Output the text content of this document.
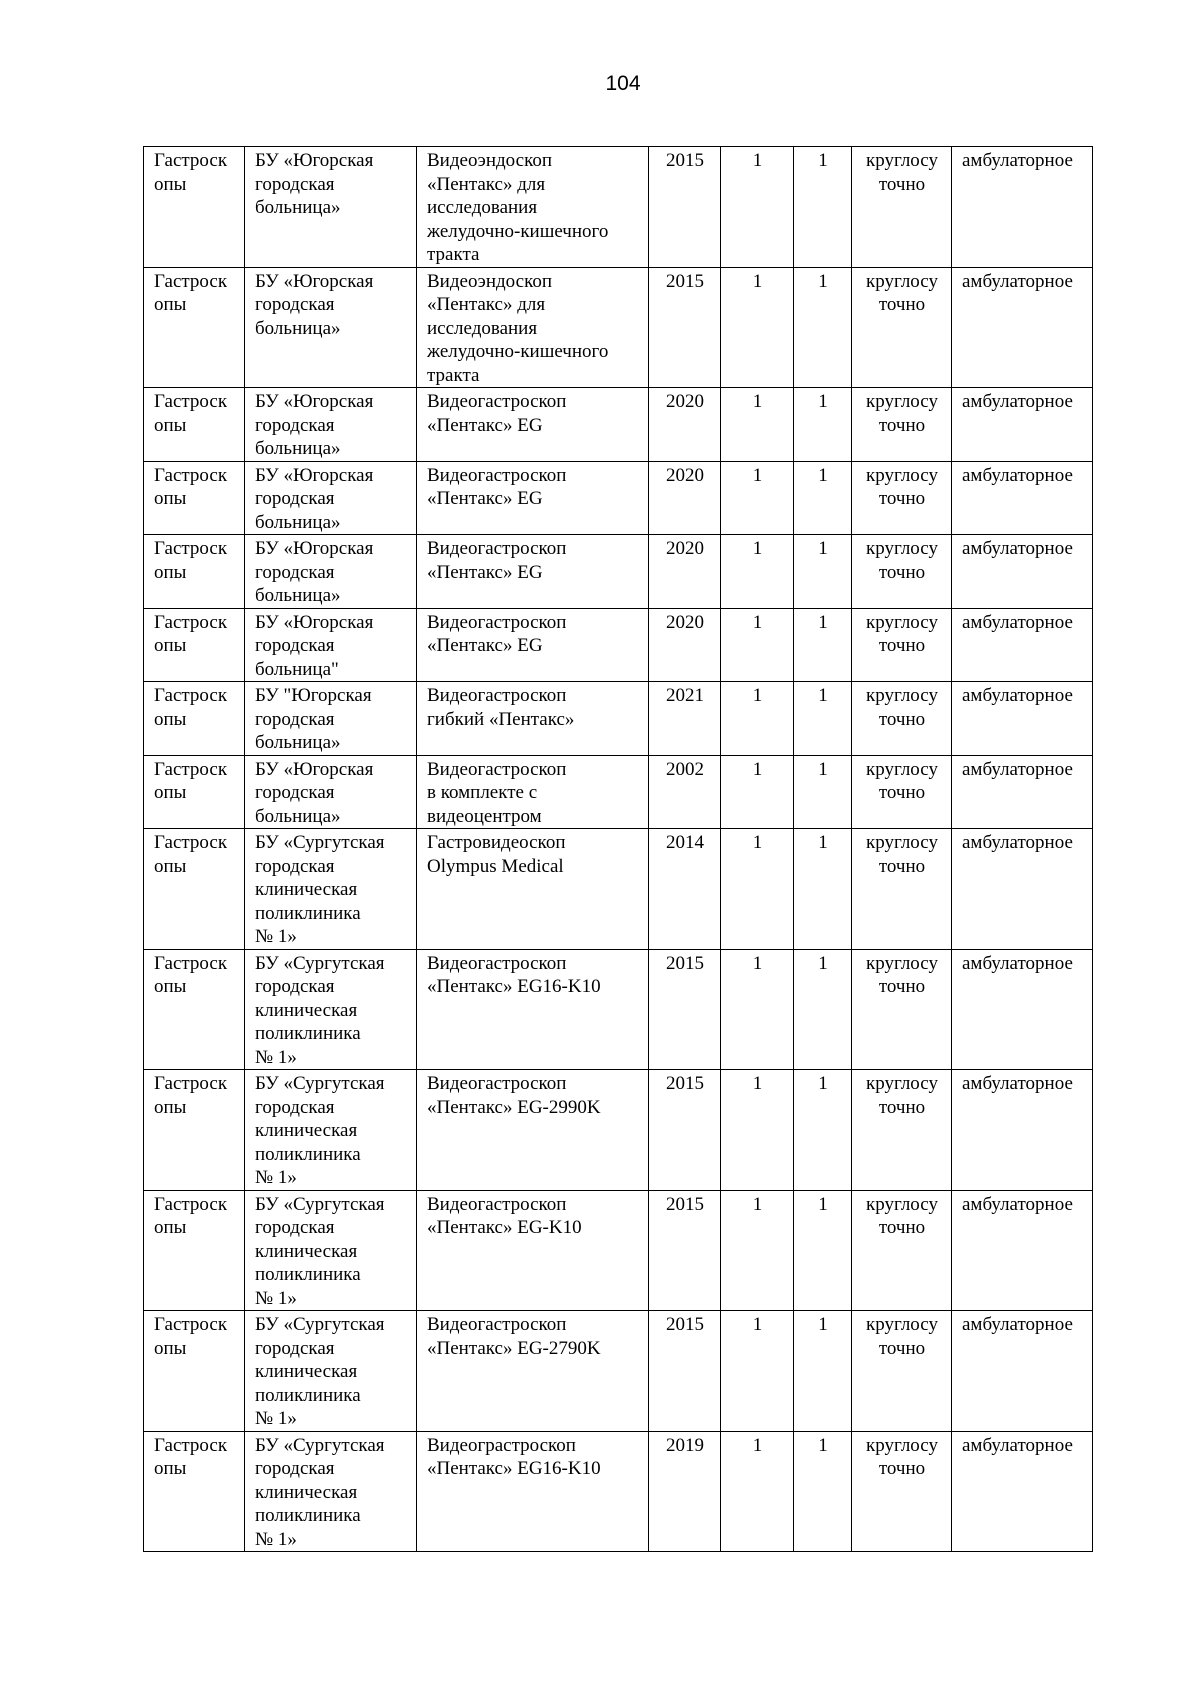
104
Гастроск
опы	БУ «Югорская
городская
больница»	Видеоэндоскоп
«Пентакс» для
исследования
желудочно-кишечного
тракта	2015	1	1	круглосу
точно	амбулаторное

Гастроск
опы	БУ «Югорская
городская
больница»	Видеоэндоскоп
«Пентакс» для
исследования
желудочно-кишечного
тракта	2015	1	1	круглосу
точно	амбулаторное

Гастроск
опы	БУ «Югорская
городская
больница»	Видеогастроскоп
«Пентакс» EG	2020	1	1	круглосу
точно	амбулаторное

Гастроск
опы	БУ «Югорская
городская
больница»	Видеогастроскоп
«Пентакс» EG	2020	1	1	круглосу
точно	амбулаторное

Гастроск
опы	БУ «Югорская
городская
больница»	Видеогастроскоп
«Пентакс» EG	2020	1	1	круглосу
точно	амбулаторное

Гастроск
опы	БУ «Югорская
городская
больница"	Видеогастроскоп
«Пентакс» EG	2020	1	1	круглосу
точно	амбулаторное

Гастроск
опы	БУ "Югорская
городская
больница»	Видеогастроскоп
гибкий «Пентакс»	2021	1	1	круглосу
точно	амбулаторное

Гастроск
опы	БУ «Югорская
городская
больница»	Видеогастроскоп
в комплекте с
видеоцентром	2002	1	1	круглосу
точно	амбулаторное

Гастроск
опы	БУ «Сургутская
городская
клиническая
поликлиника
№ 1»	Гастровидеоскоп
Olympus Medical	2014	1	1	круглосу
точно	амбулаторное

Гастроск
опы	БУ «Сургутская
городская
клиническая
поликлиника
№ 1»	Видеогастроскоп
«Пентакс» EG16-K10	2015	1	1	круглосу
точно	амбулаторное

Гастроск
опы	БУ «Сургутская
городская
клиническая
поликлиника
№ 1»	Видеогастроскоп
«Пентакс» EG-2990K	2015	1	1	круглосу
точно	амбулаторное

Гастроск
опы	БУ «Сургутская
городская
клиническая
поликлиника
№ 1»	Видеогастроскоп
«Пентакс» EG-K10	2015	1	1	круглосу
точно	амбулаторное

Гастроск
опы	БУ «Сургутская
городская
клиническая
поликлиника
№ 1»	Видеогастроскоп
«Пентакс» EG-2790K	2015	1	1	круглосу
точно	амбулаторное

Гастроск
опы	БУ «Сургутская
городская
клиническая
поликлиника
№ 1»	Видеограстроскоп
«Пентакс» EG16-K10	2019	1	1	круглосу
точно	амбулаторное
